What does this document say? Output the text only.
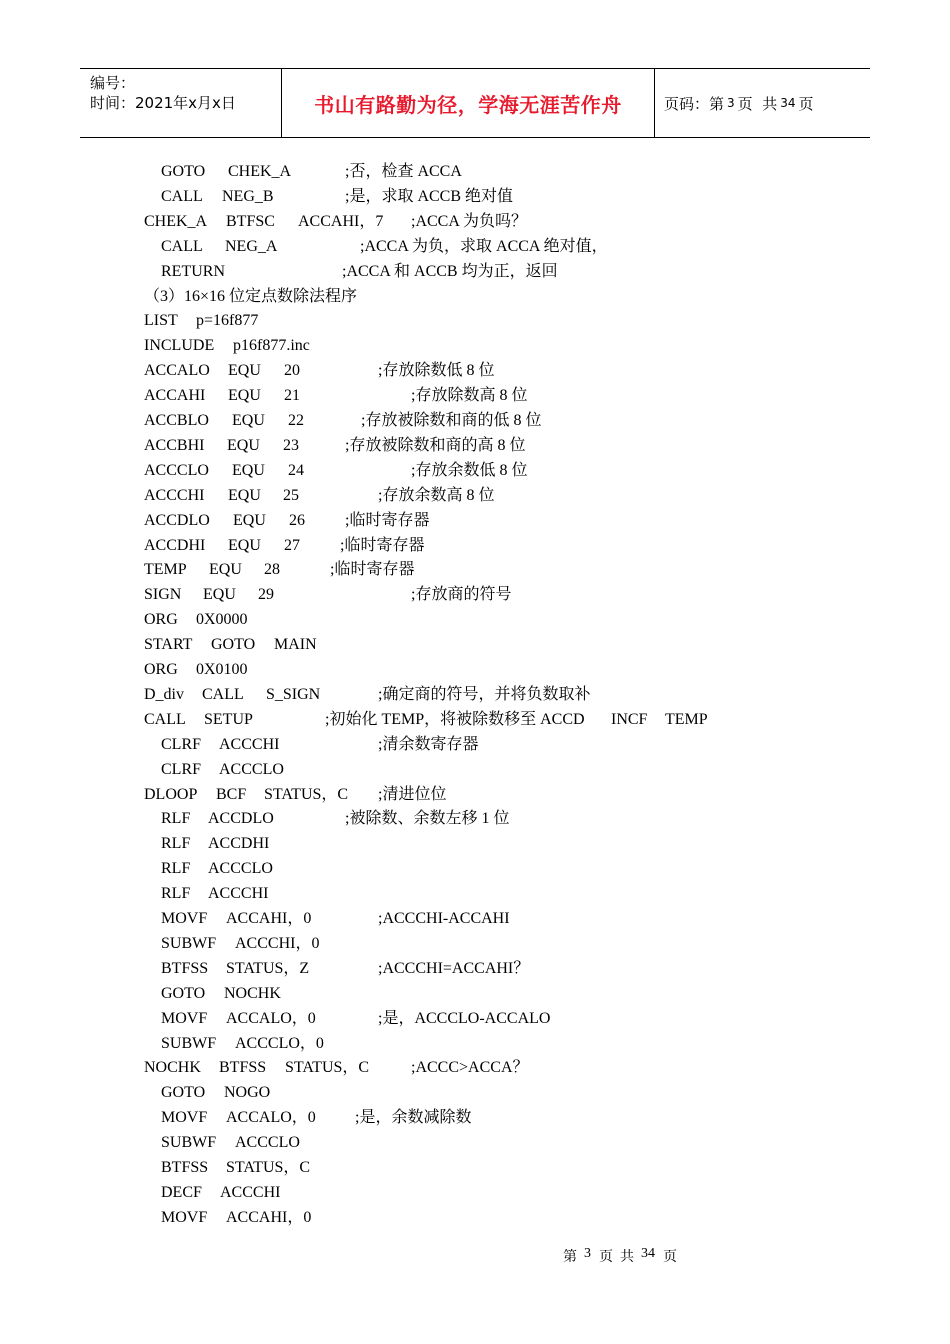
编号：
时间：2021年x月x日	书山有路勤为径，学海无涯苦作舟	页码：第 3 页  共 34 页
GOTO CHEK_A	;否，检查 ACCA
CALL NEG_B	;是，求取 ACCB 绝对值
CHEK_A BTFSC ACCAHI，7 ;ACCA 为负吗？
CALL NEG_A	;ACCA 为负，求取 ACCA 绝对值，
RETURN	;ACCA 和 ACCB 均为正，返回
（3）16×16 位定点数除法程序
LIST p=16f877
INCLUDE p16f877.inc
ACCALO EQU 20	;存放除数低 8 位
ACCAHI EQU 21	;存放除数高 8 位
ACCBLO EQU 22	;存放被除数和商的低 8 位
ACCBHI EQU 23	;存放被除数和商的高 8 位
ACCCLO EQU 24	;存放余数低 8 位
ACCCHI EQU 25	;存放余数高 8 位
ACCDLO EQU 26	;临时寄存器
ACCDHI EQU 27	;临时寄存器
TEMP EQU 28	;临时寄存器
SIGN EQU 29	;存放商的符号
ORG 0X0000
START GOTO MAIN
ORG 0X0100
D_div CALL S_SIGN	;确定商的符号，并将负数取补
CALL SETUP	;初始化 TEMP，将被除数移至 ACCD INCF TEMP
CLRF ACCCHI	;清余数寄存器
CLRF ACCCLO
DLOOP BCF STATUS，C ;清进位位
RLF ACCDLO	;被除数、余数左移 1 位
RLF ACCDHI
RLF ACCCLO
RLF ACCCHI
MOVF ACCAHI，0	;ACCCHI-ACCAHI
SUBWF ACCCHI，0
BTFSS STATUS，Z	;ACCCHI=ACCAHI？
GOTO NOCHK
MOVF ACCALO，0	;是，ACCCLO-ACCALO
SUBWF ACCCLO，0
NOCHK BTFSS STATUS，C	;ACCC>ACCA？
GOTO NOGO
MOVF ACCALO，0 ;是，余数减除数
SUBWF ACCCLO
BTFSS STATUS，C
DECF ACCCHI
MOVF ACCAHI，0
第 3 页 共 34 页
